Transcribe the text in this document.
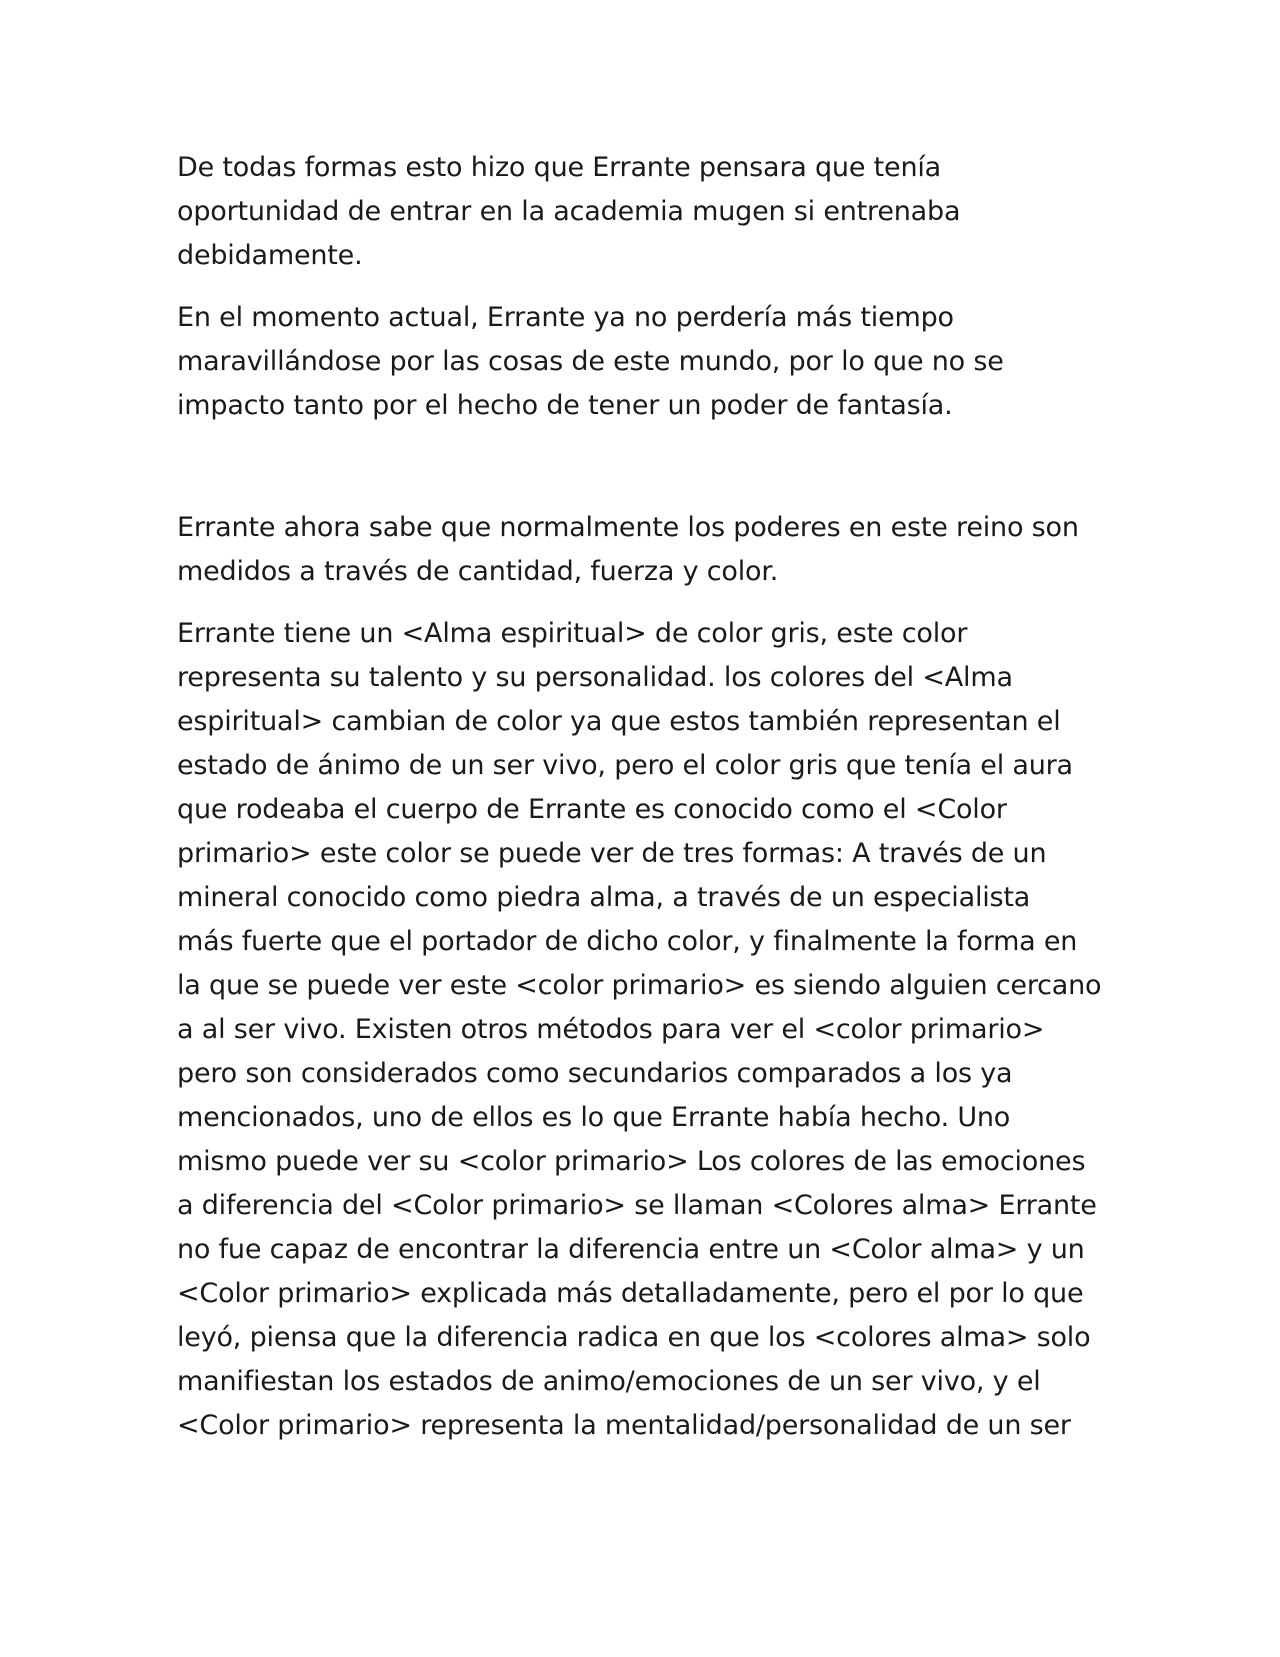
De todas formas esto hizo que Errante pensara que tenía
oportunidad de entrar en la academia mugen si entrenaba
debidamente.

En el momento actual, Errante ya no perdería más tiempo
maravillándose por las cosas de este mundo, por lo que no se
impacto tanto por el hecho de tener un poder de fantasía.

Errante ahora sabe que normalmente los poderes en este reino son
medidos a través de cantidad, fuerza y color.

Errante tiene un <Alma espiritual> de color gris, este color
representa su talento y su personalidad. los colores del <Alma
espiritual> cambian de color ya que estos también representan el
estado de ánimo de un ser vivo, pero el color gris que tenía el aura
que rodeaba el cuerpo de Errante es conocido como el <Color
primario> este color se puede ver de tres formas: A través de un
mineral conocido como piedra alma, a través de un especialista
más fuerte que el portador de dicho color, y finalmente la forma en
la que se puede ver este <color primario> es siendo alguien cercano
a al ser vivo. Existen otros métodos para ver el <color primario>
pero son considerados como secundarios comparados a los ya
mencionados, uno de ellos es lo que Errante había hecho. Uno
mismo puede ver su <color primario> Los colores de las emociones
a diferencia del <Color primario> se llaman <Colores alma> Errante
no fue capaz de encontrar la diferencia entre un <Color alma> y un
<Color primario> explicada más detalladamente, pero el por lo que
leyó, piensa que la diferencia radica en que los <colores alma> solo
manifiestan los estados de animo/emociones de un ser vivo, y el
<Color primario> representa la mentalidad/personalidad de un ser
